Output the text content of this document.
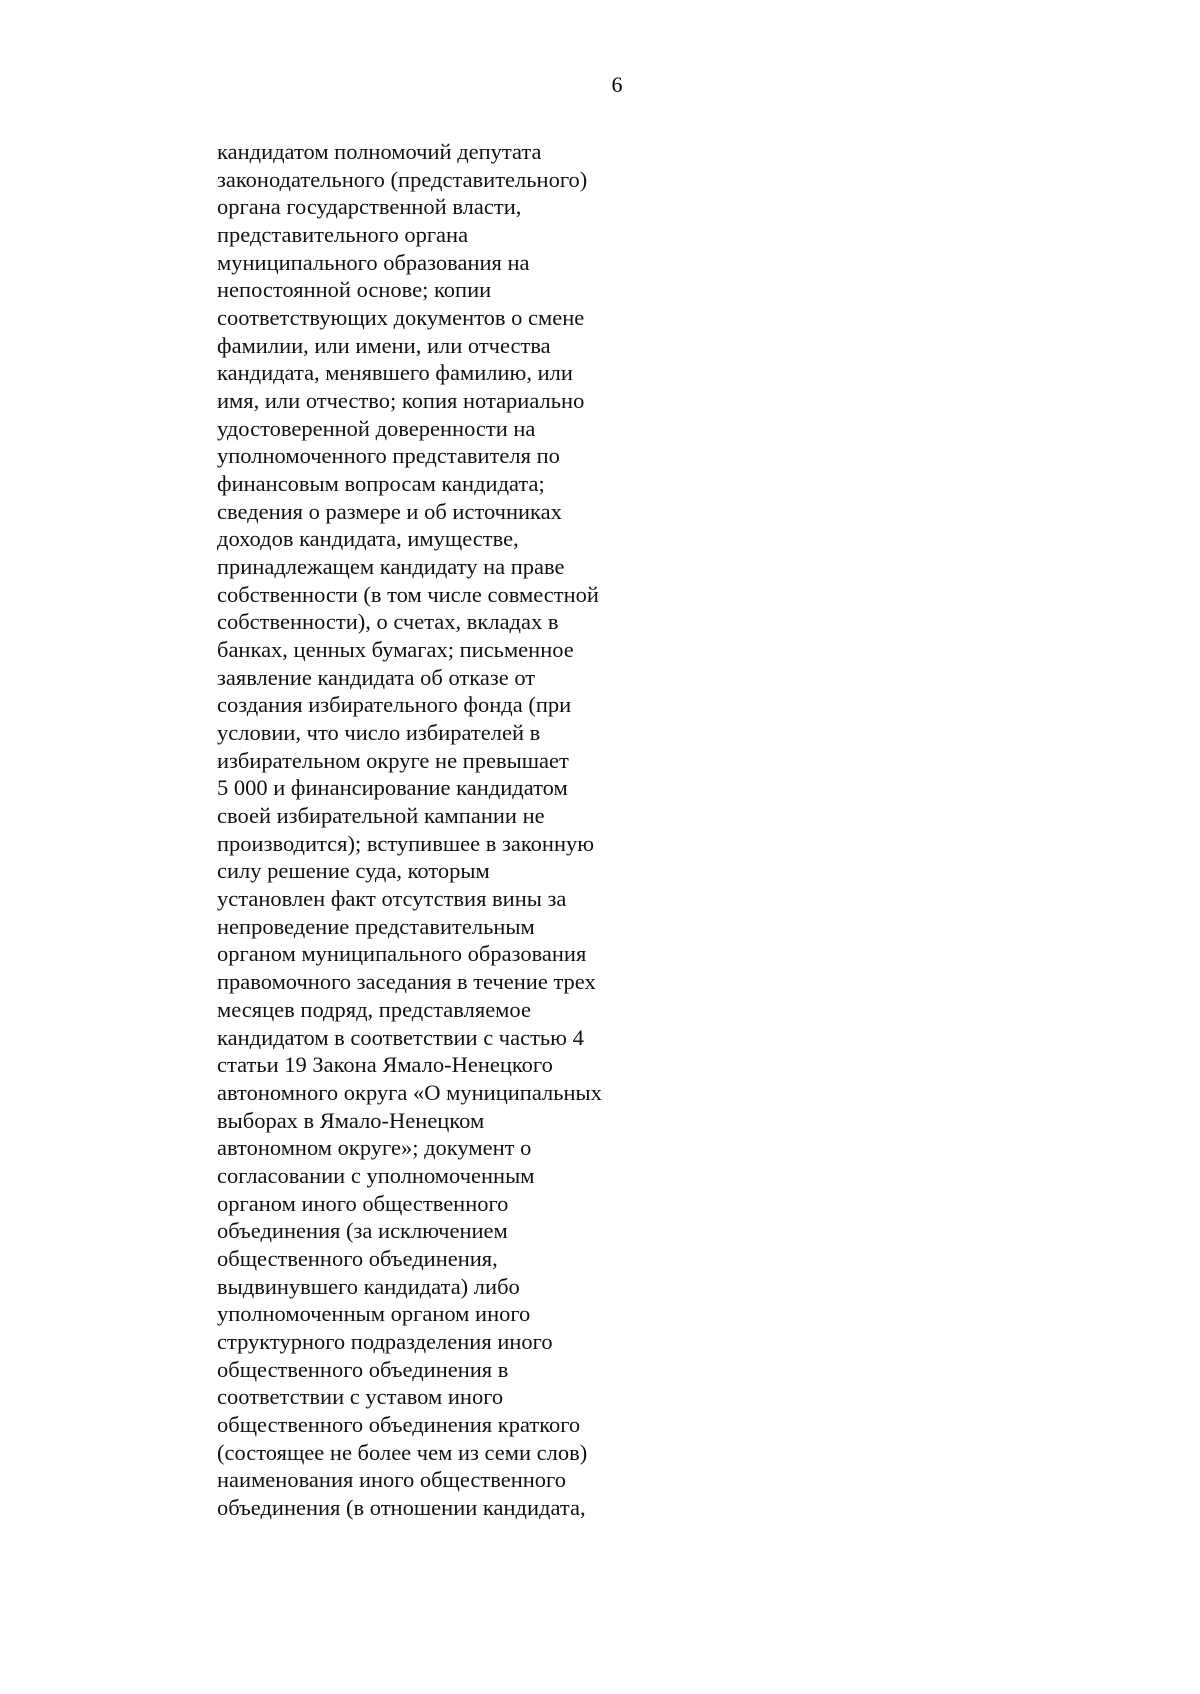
6
кандидатом полномочий депутата
законодательного (представительного)
органа государственной власти,
представительного органа
муниципального образования на
непостоянной основе; копии
соответствующих документов о смене
фамилии, или имени, или отчества
кандидата, менявшего фамилию, или
имя, или отчество; копия нотариально
удостоверенной доверенности на
уполномоченного представителя по
финансовым вопросам кандидата;
сведения о размере и об источниках
доходов кандидата, имуществе,
принадлежащем кандидату на праве
собственности (в том числе совместной
собственности), о счетах, вкладах в
банках, ценных бумагах; письменное
заявление кандидата об отказе от
создания избирательного фонда (при
условии, что число избирателей в
избирательном округе не превышает
5 000 и финансирование кандидатом
своей избирательной кампании не
производится); вступившее в законную
силу решение суда, которым
установлен факт отсутствия вины за
непроведение представительным
органом муниципального образования
правомочного заседания в течение трех
месяцев подряд, представляемое
кандидатом в соответствии с частью 4
статьи 19 Закона Ямало-Ненецкого
автономного округа «О муниципальных
выборах в Ямало-Ненецком
автономном округе»; документ о
согласовании с уполномоченным
органом иного общественного
объединения (за исключением
общественного объединения,
выдвинувшего кандидата) либо
уполномоченным органом иного
структурного подразделения иного
общественного объединения в
соответствии с уставом иного
общественного объединения краткого
(состоящее не более чем из семи слов)
наименования иного общественного
объединения (в отношении кандидата,
